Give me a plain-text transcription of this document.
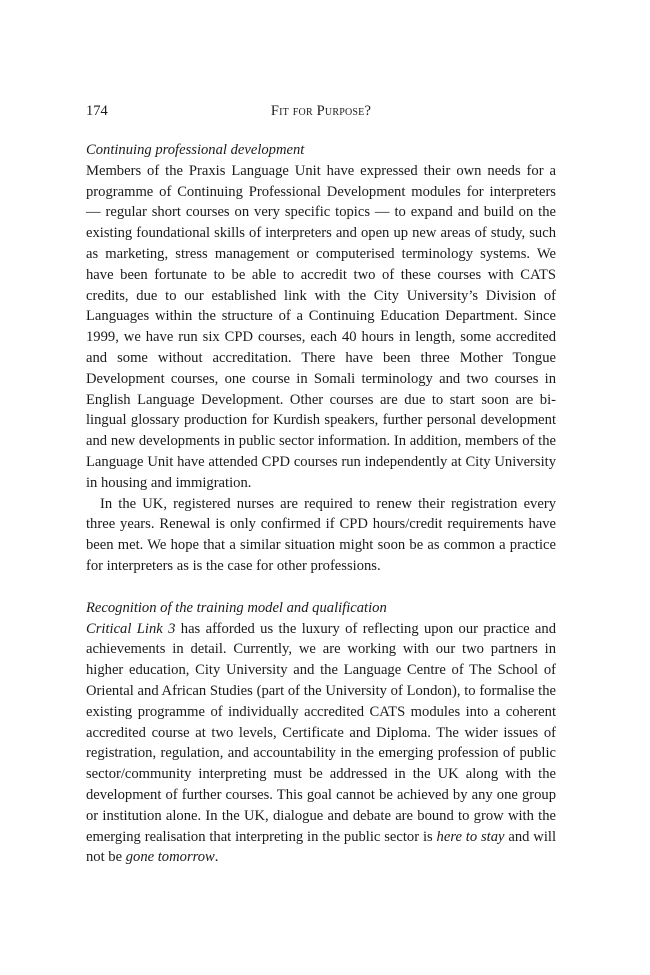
174	Fit for Purpose?

Continuing professional development

Members of the Praxis Language Unit have expressed their own needs for a programme of Continuing Professional Development modules for interpreters — regular short courses on very specific topics — to expand and build on the existing foundational skills of interpreters and open up new areas of study, such as marketing, stress management or computerised terminology systems. We have been fortunate to be able to accredit two of these courses with CATS credits, due to our established link with the City University’s Division of Languages within the structure of a Continuing Education Department. Since 1999, we have run six CPD courses, each 40 hours in length, some accredited and some without accreditation. There have been three Mother Tongue Development courses, one course in Somali terminology and two courses in English Language Development. Other courses are due to start soon are bi-lingual glossary production for Kurdish speakers, further personal development and new developments in public sector information. In addition, members of the Language Unit have attended CPD courses run independently at City University in housing and immigration.

In the UK, registered nurses are required to renew their registration every three years. Renewal is only confirmed if CPD hours/credit requirements have been met. We hope that a similar situation might soon be as common a practice for interpreters as is the case for other professions.

Recognition of the training model and qualification

Critical Link 3 has afforded us the luxury of reflecting upon our practice and achievements in detail. Currently, we are working with our two partners in higher education, City University and the Language Centre of The School of Oriental and African Studies (part of the University of London), to formalise the existing programme of individually accredited CATS modules into a coherent accredited course at two levels, Certificate and Diploma. The wider issues of registration, regulation, and accountability in the emerging profession of public sector/community interpreting must be addressed in the UK along with the development of further courses. This goal cannot be achieved by any one group or institution alone. In the UK, dialogue and debate are bound to grow with the emerging realisation that interpreting in the public sector is here to stay and will not be gone tomorrow.
